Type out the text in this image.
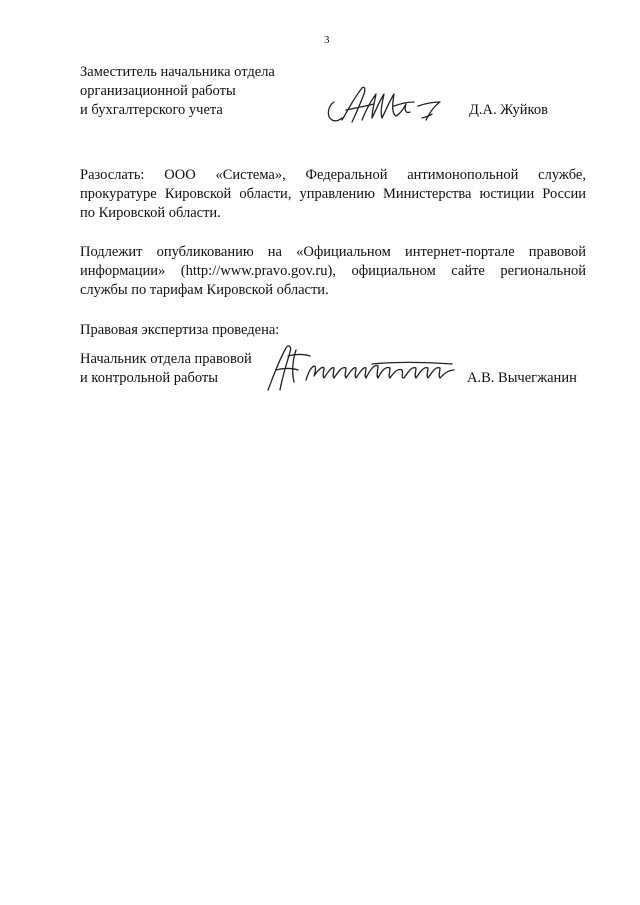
3
Заместитель начальника отдела
организационной работы
и бухгалтерского учета	Д.А. Жуйков
Разослать: ООО «Система», Федеральной антимонопольной службе,
прокуратуре Кировской области, управлению Министерства юстиции России
по Кировской области.
Подлежит опубликованию на «Официальном интернет-портале правовой
информации» (http://www.pravo.gov.ru), официальном сайте региональной
службы по тарифам Кировской области.
Правовая экспертиза проведена:
Начальник отдела правовой
и контрольной работы	А.В. Вычегжанин
